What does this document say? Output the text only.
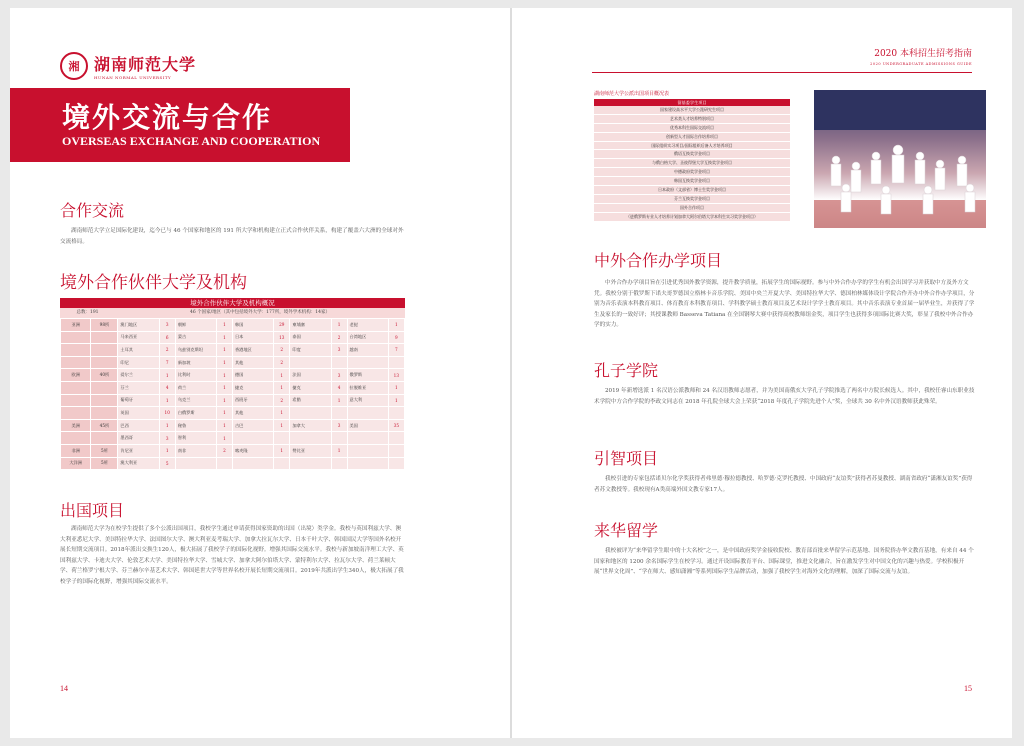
湘 湖南师范大学
HUNAN NORMAL UNIVERSITY
境外交流与合作
OVERSEAS EXCHANGE AND COOPERATION
合作交流
湖南师范大学立足国际化建设，迄今已与 46 个国家和地区的 191 所大学和机构建立正式合作伙伴关系，构建了覆盖六大洲的全球对外交流格局。
境外合作伙伴大学及机构
境外合作伙伴大学及机构概况
总数：191	46 个国家/地区（其中包括境外大学：177所，境外学术机构：14家）
亚洲	98所	澳门地区	3	朝鲜	1	韩国	29	柬埔寨	1	老挝	1
		马来西亚	6	蒙古	1	日本	13	泰国	2	台湾地区	9
		土耳其	2	乌兹别克斯坦	1	香港地区	2	印度	3	越南	7
		印尼	7	新加坡	1	其他	2				
欧洲	40所	爱尔兰	1	比利时	1	德国	1	法国	3	俄罗斯	13
		芬兰	4	荷兰	1	捷克	1	捷克	4	拉脱维亚	1
		葡萄牙	1	乌克兰	1	西班牙	2	希腊	1	意大利	1
		英国	10	白俄罗斯	1	其他	1				
美洲	45所	巴西	1	秘鲁	1	古巴	1	加拿大	3	美国	35
		墨西哥	3	智利	1						
非洲	5所	肯尼亚	1	南非	2	喀麦隆	1	赞比亚	1		
大洋洲	5所	澳大利亚	5								
出国项目
湖南师范大学为在校学生提供了多个公派出国项目，我校学生通过申请获得国家资助的出国（出境）类学金。我校与英国利兹大学、澳大利亚悉尼大学、美国特拉华大学、法国图尔大学、澳大利亚麦考瑞大学、加拿大拉瓦尔大学、日本千叶大学、韩国国民大学等国外名校开展长短期交流项目。2018年派出交换生120人，极大拓展了我校学子的国际化视野。增强其国际交流水平。我校与新加坡南洋理工大学、英国利兹大学、卡迪夫大学、伦敦艺术大学、美国特拉华大学、雪城大学、加拿大阿尔伯塔大学、蒙特利尔大学、拉瓦尔大学、荷兰莱顿大学、荷兰格罗宁根大学、芬兰赫尔辛基艺术大学、韩国延世大学等世界名校开展长短期交流项目。2019年共派出学生340人，极大拓展了我校学子的国际化视野，增强其国际交流水平。
14
2020 本科招生招考指南
2020 UNDERGRADUATE ADMISSIONS GUIDE
湖南师范大学公派出国项目概况表
留基委学生项目
国家建设高水平大学公派研究生项目
艺术类人才培养特别项目
优秀本科生国际交流项目
创新型人才国际合作培养项目
国际组织实习项目/国际组织后备人才培养项目
俄语互换奖学金项目
与俄白格大学、圣彼得堡大学互换奖学金项目
中德政府奖学金项目
韩国互换奖学金项目
日本政府（文部省）博士生奖学金项目
芬兰互换奖学金项目
国外合作项目
（进俄罗斯专业人才培养计划加拿大阿尔伯塔大学本科生实习奖学金项目）
中外合作办学项目
中外合作办学项目旨在引进优秀国外教学资源，提升教学质量，拓展学生的国际视野。参与中外合作办学的学生有机会出国学习并获取中方及外方文凭。我校分别于俄罗斯下诺夫哥罗德国立格林卡音乐学院、美国中央兰开夏大学、美国特拉华大学、德国柏林媒体设计学院合作开办中外合作办学项目，分别为音乐表演本科教育项目、体育教育本科教育项目、学科教学硕士教育项目及艺术设计学学士教育项目。其中音乐表演专业首届一届毕业生，并获得了学生及家长的一致好评；其授课教师 Basseva Tatiana 在全国钢琴大赛中获得高校教师组金奖，项目学生也获得多项国际比赛大奖，彰显了我校中外合作办学的实力。
孔子学院
2019 年新增选派 1 名汉语公派教师和 24 名汉语教师志愿者，并为美国南俄亥大学孔子学院推选了两名中方院长候选人。其中，我校任睿山东职业技术学院中方合作学院的李政文同志在 2018 年孔院全球大会上荣获“2018 年度孔子学院先进个人”奖，全球共 30 名中外汉语教师获此殊荣。
引智项目
我校引进的专家包括诺贝尔化学奖获得者弗里德·穆拉德教授、哈罗德·克罗托教授、中国政府“友谊奖”获得者苏曼教授、湖南省政府“潇湘友谊奖”获得者苏文教授等。我校现有A类高端外国文教专家17人。
来华留学
我校被评为“来华留学生眼中的十大名校”之一，是中国政府奖学金接收院校、教育部首批来华留学示范基地、国务院侨办华文教育基地，有来自 44 个国家和地区的 1200 余名国际学生在校学习。通过开设国际教育平台、国际课堂，推进文化融合，旨在激发学生对中国文化的兴趣与热爱。学校积极开展“世界文化周”、“学在师大、感知潇湘”等系列国际学生品牌活动，加强了我校学生对海外文化的理解，加深了国际交流与友谊。
15
